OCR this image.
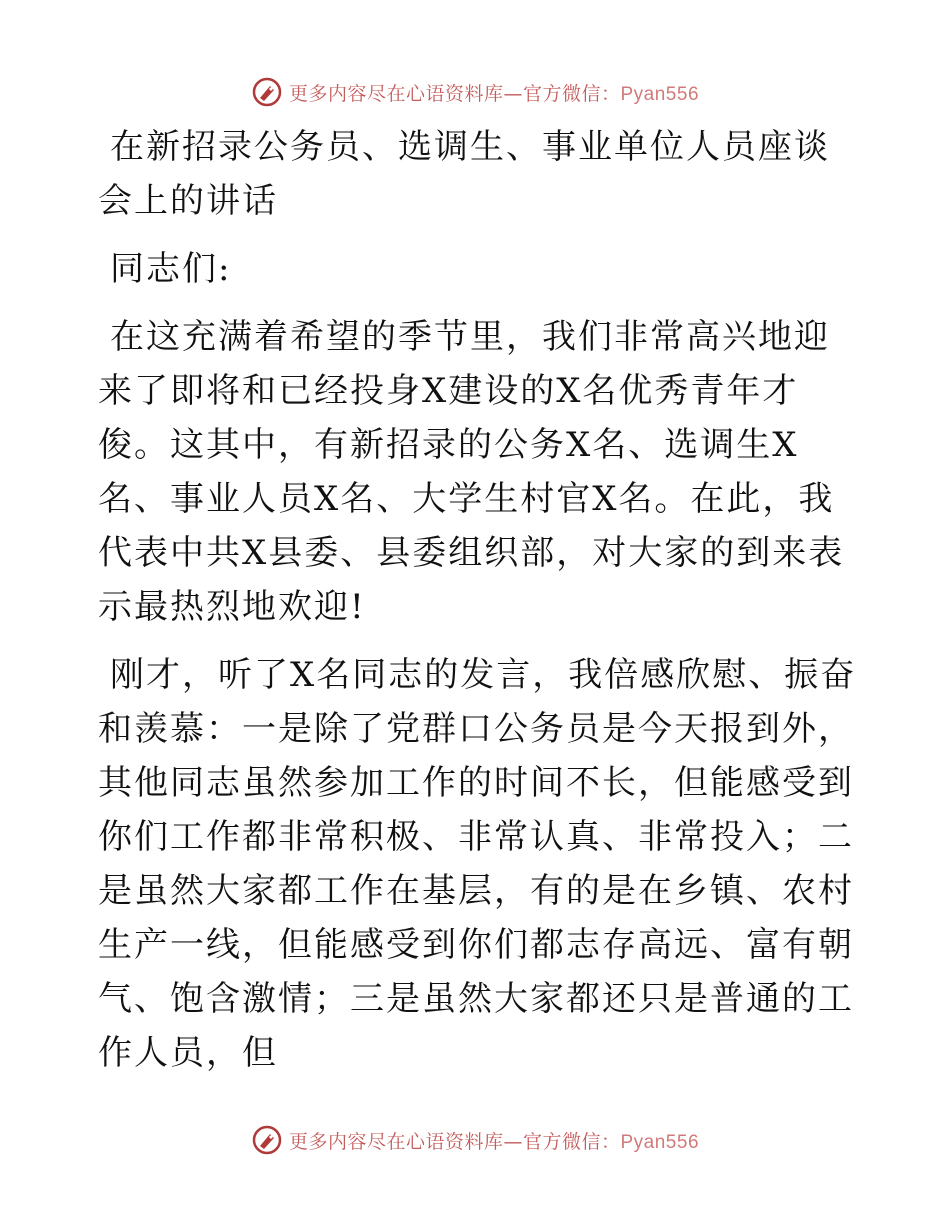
更多内容尽在心语资料库—官方微信：Pyan556

在新招录公务员、选调生、事业单位人员座谈会上的讲话

同志们:

在这充满着希望的季节里，我们非常高兴地迎来了即将和已经投身X建设的X名优秀青年才俊。这其中，有新招录的公务X名、选调生X名、事业人员X名、大学生村官X名。在此，我代表中共X县委、县委组织部，对大家的到来表示最热烈地欢迎!

刚才，听了X名同志的发言，我倍感欣慰、振奋和羡慕：一是除了党群口公务员是今天报到外，其他同志虽然参加工作的时间不长，但能感受到你们工作都非常积极、非常认真、非常投入；二是虽然大家都工作在基层，有的是在乡镇、农村生产一线，但能感受到你们都志存高远、富有朝气、饱含激情；三是虽然大家都还只是普通的工作人员，但

更多内容尽在心语资料库—官方微信：Pyan556
